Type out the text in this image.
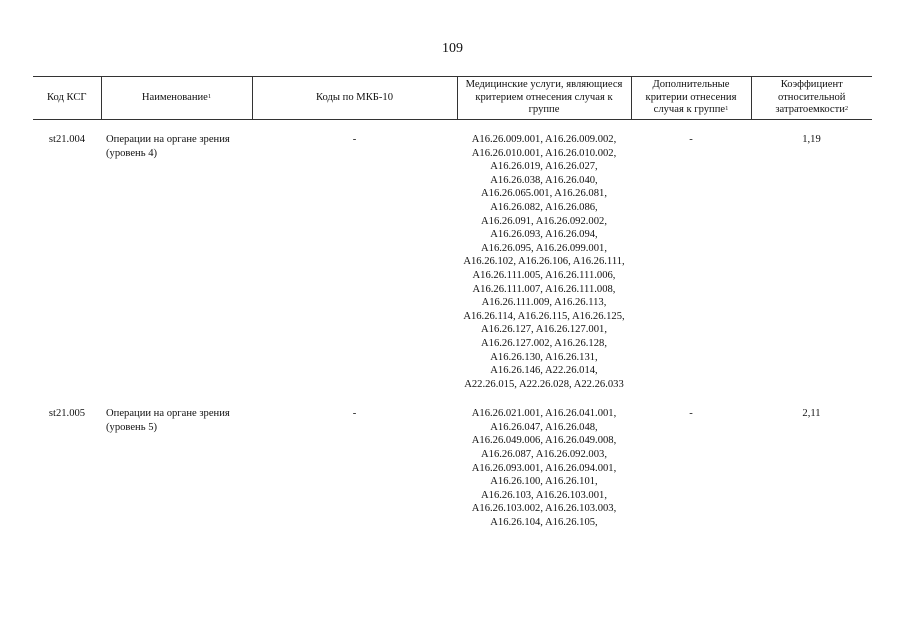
109
Код КСГ	Наименование$^1$	Коды по МКБ-10	Медицинские услуги, являющиеся критерием отнесения случая к группе	Дополнительные критерии отнесения случая к группе$^1$	Коэффициент относительной затратоемкости$^2$

st21.004	Операции на органе зрения (уровень 4)	-	A16.26.009.001, A16.26.009.002, A16.26.010.001, A16.26.010.002, A16.26.019, A16.26.027, A16.26.038, A16.26.040, A16.26.065.001, A16.26.081, A16.26.082, A16.26.086, A16.26.091, A16.26.092.002, A16.26.093, A16.26.094, A16.26.095, A16.26.099.001, A16.26.102, A16.26.106, A16.26.111, A16.26.111.005, A16.26.111.006, A16.26.111.007, A16.26.111.008, A16.26.111.009, A16.26.113, A16.26.114, A16.26.115, A16.26.125, A16.26.127, A16.26.127.001, A16.26.127.002, A16.26.128, A16.26.130, A16.26.131, A16.26.146, A22.26.014, A22.26.015, A22.26.028, A22.26.033	-	1,19

st21.005	Операции на органе зрения (уровень 5)	-	A16.26.021.001, A16.26.041.001, A16.26.047, A16.26.048, A16.26.049.006, A16.26.049.008, A16.26.087, A16.26.092.003, A16.26.093.001, A16.26.094.001, A16.26.100, A16.26.101, A16.26.103, A16.26.103.001, A16.26.103.002, A16.26.103.003, A16.26.104, A16.26.105,	-	2,11
